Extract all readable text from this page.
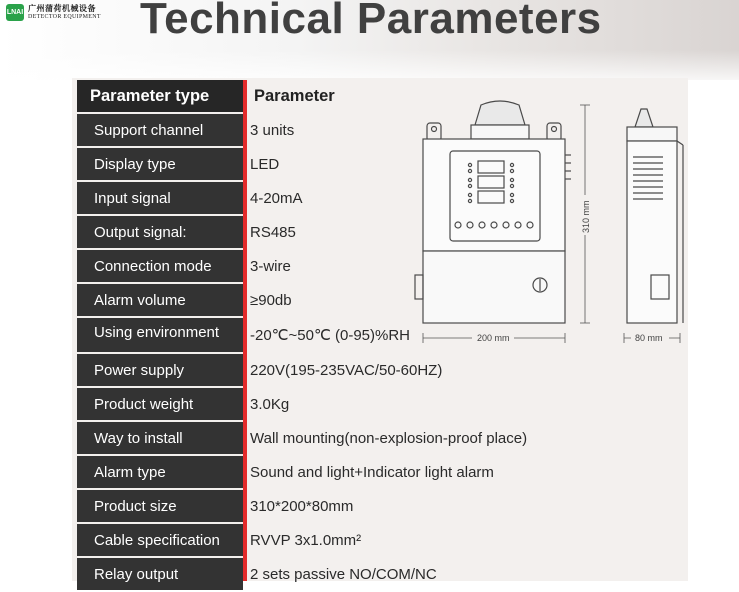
LNAI 广州蒲荷机械设备
DETECTOR EQUIPMENT Technical Parameters
Parameter type
Support channel
Display type
Input signal
Output signal:
Connection mode
Alarm volume
Using environment
Power supply
Product weight
Way to install
Alarm type
Product size
Cable specification
Relay output
Parameter
3 units
LED
4-20mA
RS485
3-wire
≥90db
-20℃~50℃ (0-95)%RH
220V(195-235VAC/50-60HZ)
3.0Kg
Wall mounting(non-explosion-proof place)
Sound and light+Indicator light alarm
310*200*80mm
RVVP 3x1.0mm²
2 sets passive NO/COM/NC
200 mm
310 mm
80 mm
